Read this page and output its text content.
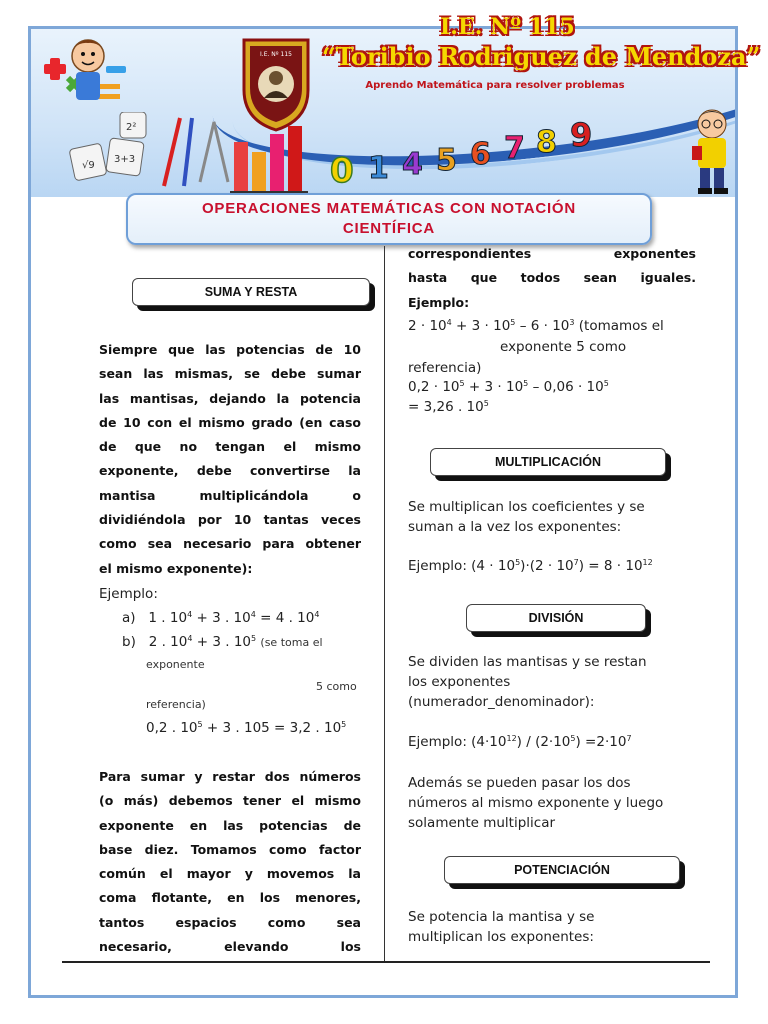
I.E. Nº 115
I.E. Nº 115
“Toribio Rodriguez de Mendoza”
Aprendo Matemática para resolver problemas
√9
3+3
2²
0 1 4 5 6 7 8 9
OPERACIONES MATEMÁTICAS CON NOTACIÓN
CIENTÍFICA
SUMA Y RESTA
Siempre que las potencias de 10
sean las mismas, se debe sumar
las mantisas, dejando la potencia
de 10 con el mismo grado (en caso
de que no tengan el mismo
exponente, debe convertirse la
mantisa multiplicándola o
dividiéndola por 10 tantas veces
como sea necesario para obtener
el mismo exponente):
Ejemplo:
a) 1 . $10^4 + 3$ . $10^4 = 4$ . $10^4$
b) 2 . $10^4 + 3$ . $10^5$ (se toma el
exponente
5 como
referencia)
0,2 . $10^5 + 3$ . 105 = 3,2 . $10^5$
Para sumar y restar dos números
(o más) debemos tener el mismo
exponente en las potencias de
base diez. Tomamos como factor
común el mayor y movemos la
coma flotante, en los menores,
tantos espacios como sea
necesario, elevando los
correspondientes exponentes
hasta que todos sean iguales.
Ejemplo:
$2 \cdot 10^4 + 3 \cdot 10^5 - 6 \cdot 10^3$ (tomamos el
exponente 5 como
referencia)
$0,2 \cdot 10^5 + 3 \cdot 10^5 - 0,06 \cdot 10^5$
= 3,26 . $10^5$
MULTIPLICACIÓN
Se multiplican los coeficientes y se
suman a la vez los exponentes:
Ejemplo: $(4 \cdot 10^5)\cdot(2 \cdot 10^7) = 8 \cdot 10^{12}$
DIVISIÓN
Se dividen las mantisas y se restan
los exponentes
(numerador_denominador):
Ejemplo: $(4\cdot 10^{12}) / (2\cdot 10^5) =2\cdot 10^7$
Además se pueden pasar los dos
números al mismo exponente y luego
solamente multiplicar
POTENCIACIÓN
Se potencia la mantisa y se
multiplican los exponentes:
